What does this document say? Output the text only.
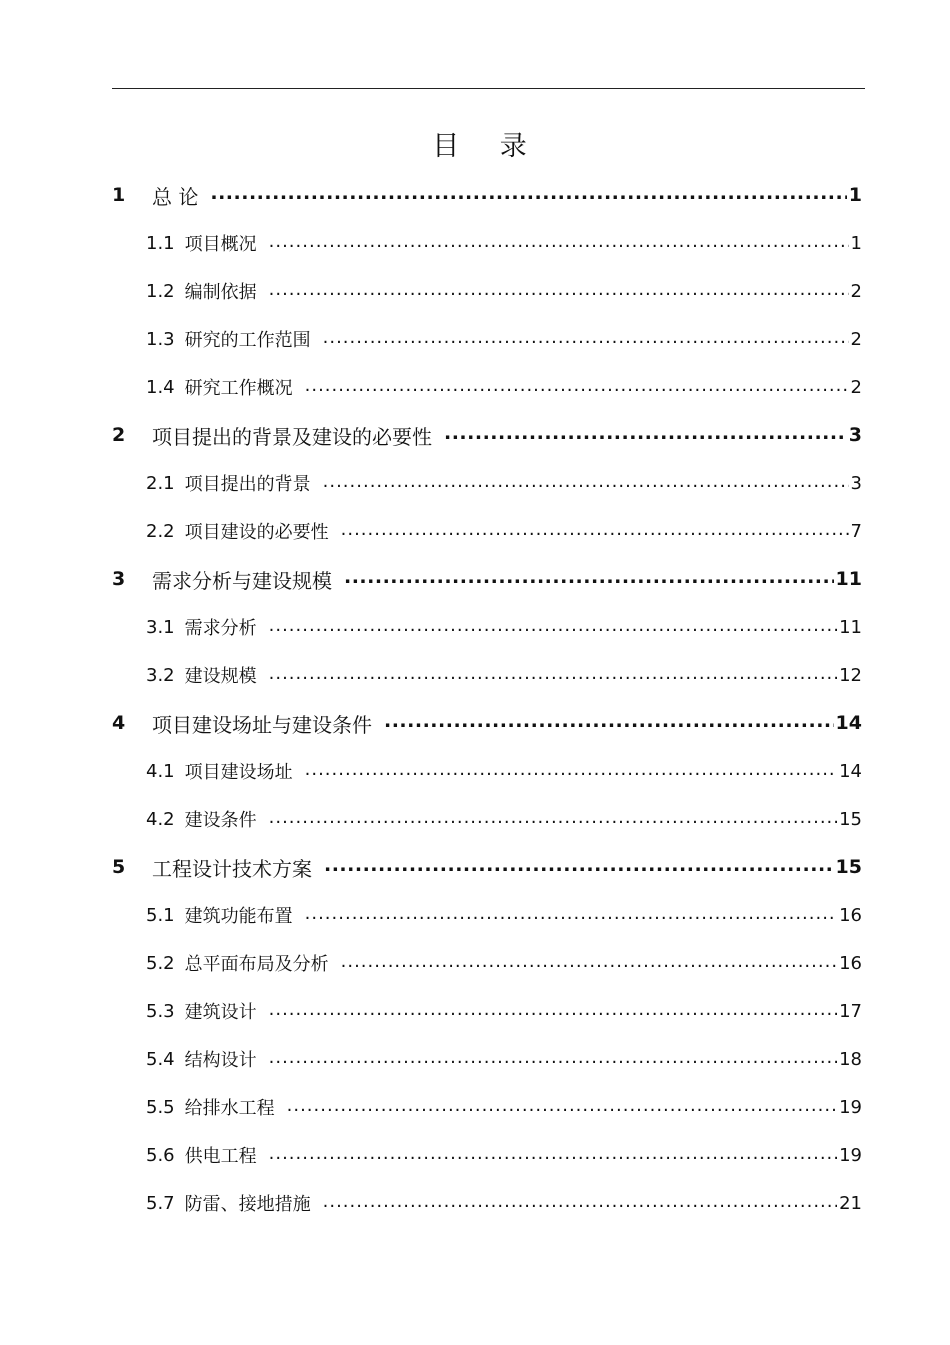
目 录
1	总 论 .....	1
1.1 项目概况 .....	1
1.2 编制依据 .....	2
1.3 研究的工作范围 .....	2
1.4 研究工作概况 .....	2
2	项目提出的背景及建设的必要性 .....	3
2.1 项目提出的背景 .....	3
2.2 项目建设的必要性 .....	7
3	需求分析与建设规模 .....	11
3.1 需求分析 .....	11
3.2 建设规模 .....	12
4	项目建设场址与建设条件 .....	14
4.1 项目建设场址 .....	14
4.2 建设条件 .....	15
5	工程设计技术方案 .....	15
5.1 建筑功能布置 .....	16
5.2 总平面布局及分析 .....	16
5.3 建筑设计 .....	17
5.4 结构设计 .....	18
5.5 给排水工程 .....	19
5.6 供电工程 .....	19
5.7 防雷、接地措施 .....	21
